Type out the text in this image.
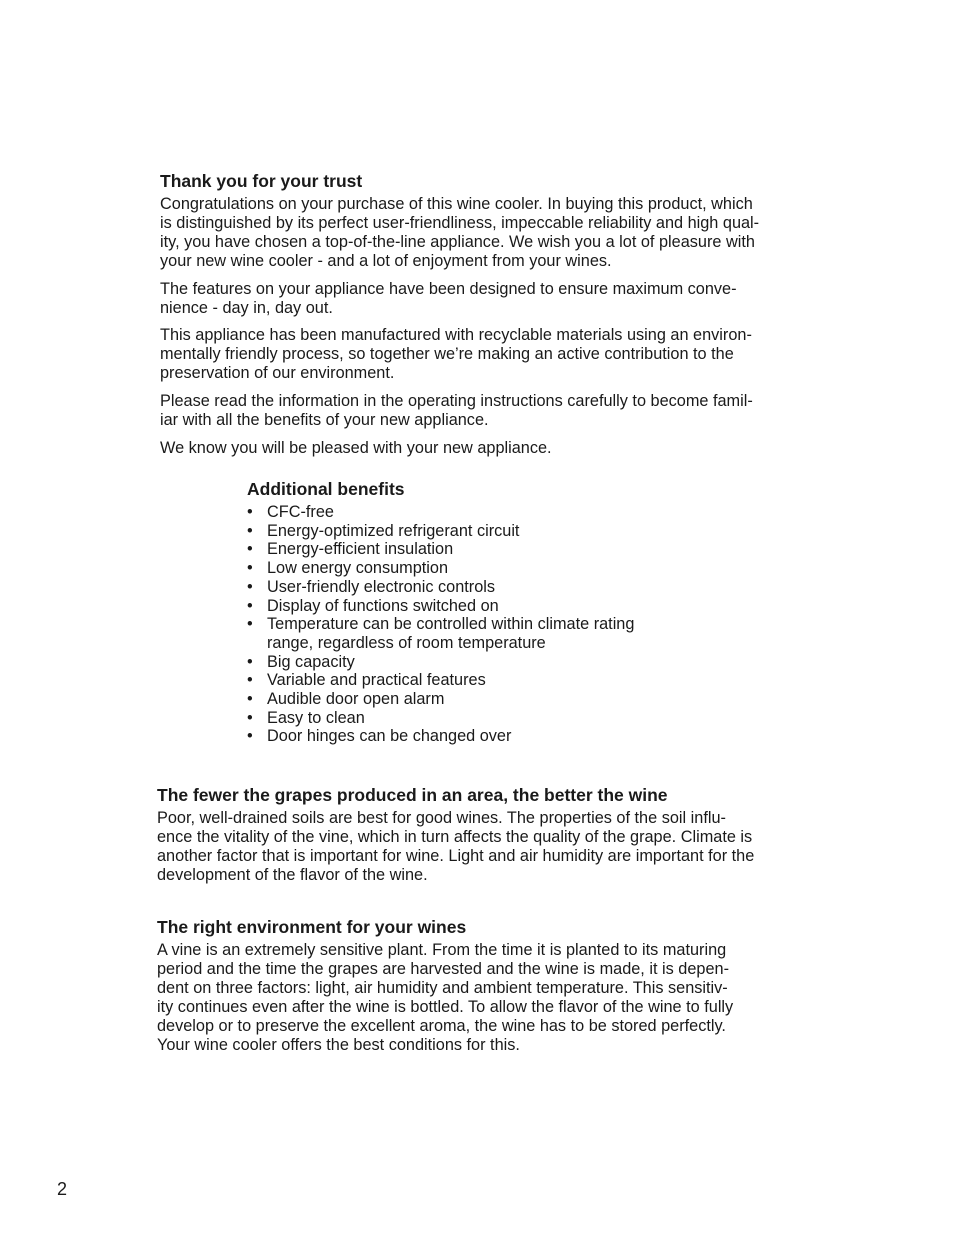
Thank you for your trust

Congratulations on your purchase of this wine cooler. In buying this product, which
is distinguished by its perfect user-friendliness, impeccable reliability and high qual-
ity, you have chosen a top-of-the-line appliance. We wish you a lot of pleasure with
your new wine cooler - and a lot of enjoyment from your wines.

The features on your appliance have been designed to ensure maximum conve-
nience - day in, day out.

This appliance has been manufactured with recyclable materials using an environ-
mentally friendly process, so together we’re making an active contribution to the
preservation of our environment.

Please read the information in the operating instructions carefully to become famil-
iar with all the benefits of your new appliance.

We know you will be pleased with your new appliance.

Additional benefits
• CFC-free
• Energy-optimized refrigerant circuit
• Energy-efficient insulation
• Low energy consumption
• User-friendly electronic controls
• Display of functions switched on
• Temperature can be controlled within climate rating
range, regardless of room temperature
• Big capacity
• Variable and practical features
• Audible door open alarm
• Easy to clean
• Door hinges can be changed over
The fewer the grapes produced in an area, the better the wine

Poor, well-drained soils are best for good wines. The properties of the soil influ-
ence the vitality of the vine, which in turn affects the quality of the grape. Climate is
another factor that is important for wine. Light and air humidity are important for the
development of the flavor of the wine.

The right environment for your wines

A vine is an extremely sensitive plant. From the time it is planted to its maturing
period and the time the grapes are harvested and the wine is made, it is depen-
dent on three factors: light, air humidity and ambient temperature. This sensitiv-
ity continues even after the wine is bottled. To allow the flavor of the wine to fully
develop or to preserve the excellent aroma, the wine has to be stored perfectly.
Your wine cooler offers the best conditions for this.

2
